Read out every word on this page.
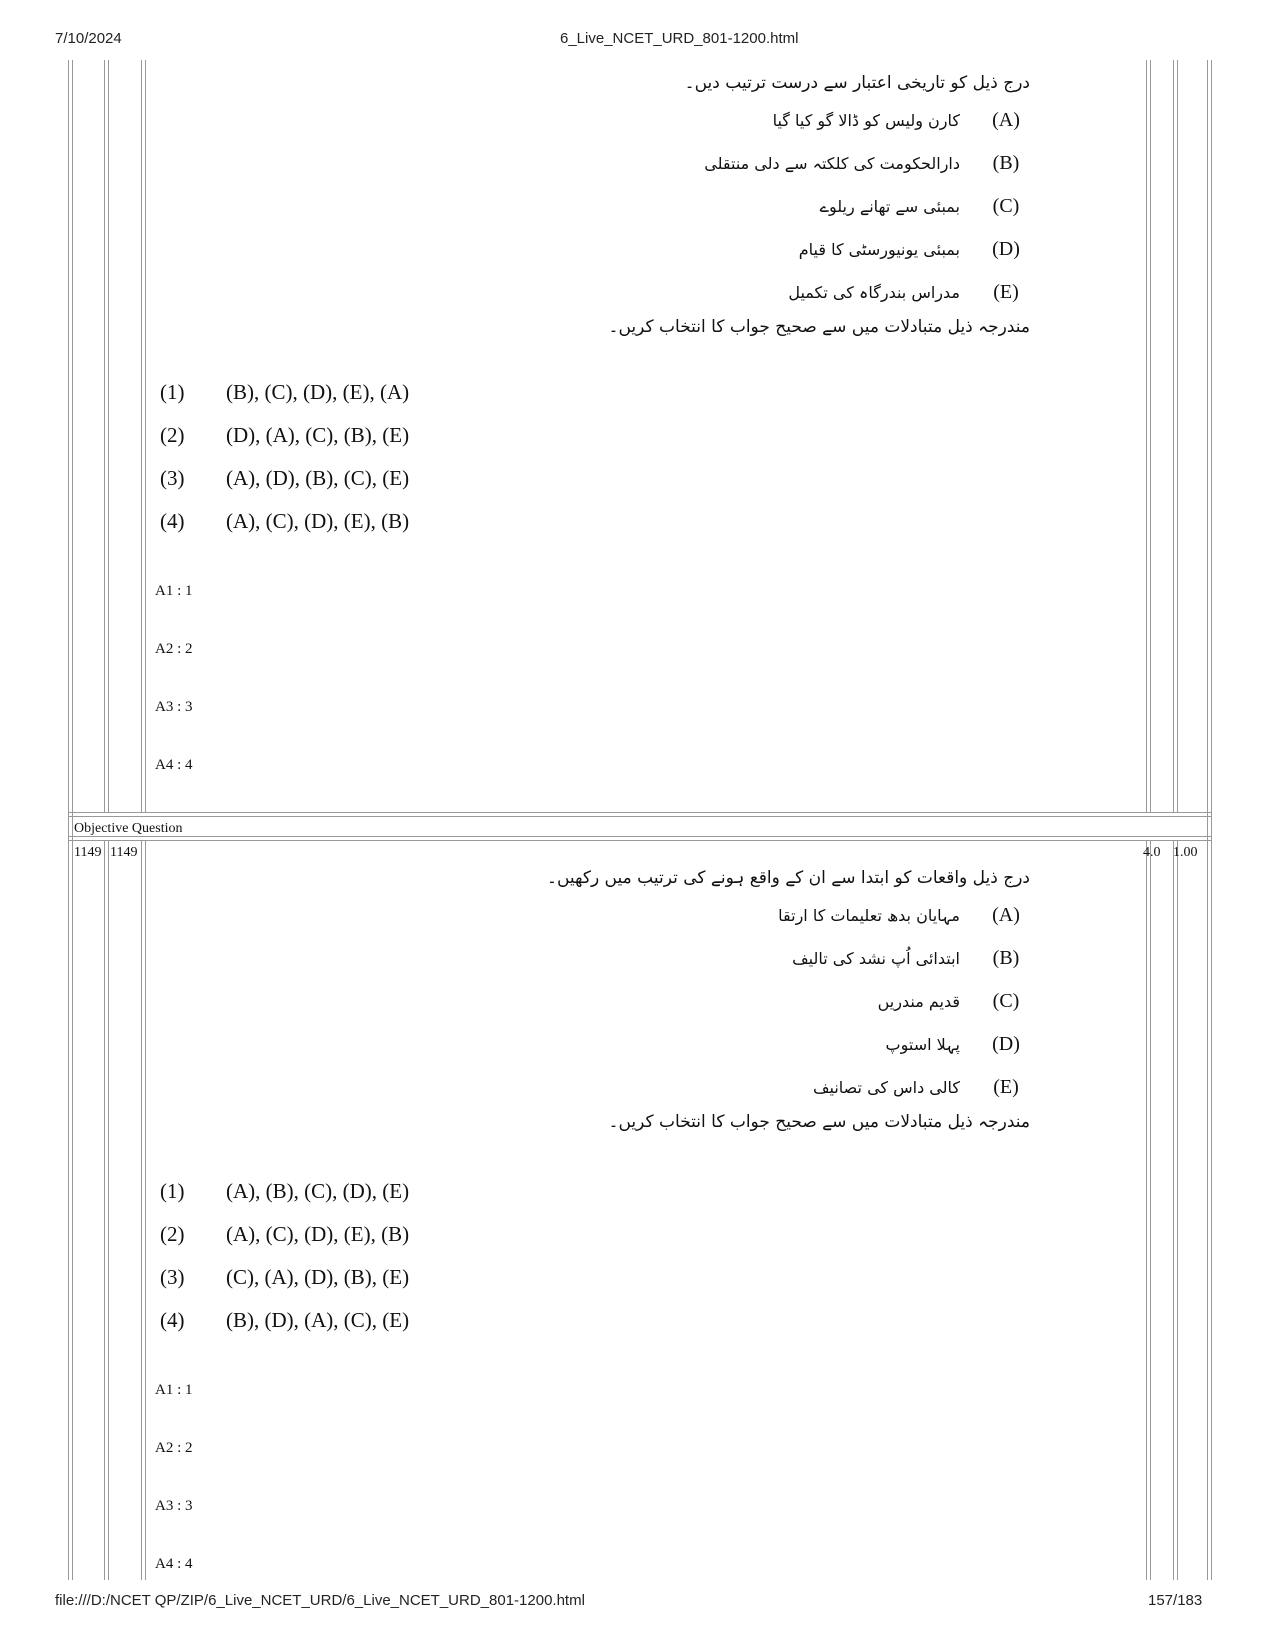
7/10/2024	6_Live_NCET_URD_801-1200.html
درج ذیل کو تاریخی اعتبار سے درست ترتیب دیں۔
(A)
کارن ولیس کو ڈالا گو کیا گیا
(B)
دارالحکومت کی کلکتہ سے دلی منتقلی
(C)
بمبئی سے تھانے ریلوے
(D)
بمبئی یونیورسٹی کا قیام
(E)
مدراس بندرگاہ کی تکمیل
مندرجہ ذیل متبادلات میں سے صحیح جواب کا انتخاب کریں۔
(1)	(B), (C), (D), (E), (A)
(2)	(D), (A), (C), (B), (E)
(3)	(A), (D), (B), (C), (E)
(4)	(A), (C), (D), (E), (B)
A1 : 1
A2 : 2
A3 : 3
A4 : 4
Objective Question
1149 1149	4.0 1.00
درج ذیل واقعات کو ابتدا سے ان کے واقع ہونے کی ترتیب میں رکھیں۔
(A)
مہایان بدھ تعلیمات کا ارتقا
(B)
ابتدائی اُپ نشد کی تالیف
(C)
قدیم مندریں
(D)
پہلا استوپ
(E)
کالی داس کی تصانیف
مندرجہ ذیل متبادلات میں سے صحیح جواب کا انتخاب کریں۔
(1)	(A), (B), (C), (D), (E)
(2)	(A), (C), (D), (E), (B)
(3)	(C), (A), (D), (B), (E)
(4)	(B), (D), (A), (C), (E)
A1 : 1
A2 : 2
A3 : 3
A4 : 4
file:///D:/NCET QP/ZIP/6_Live_NCET_URD/6_Live_NCET_URD_801-1200.html	157/183
